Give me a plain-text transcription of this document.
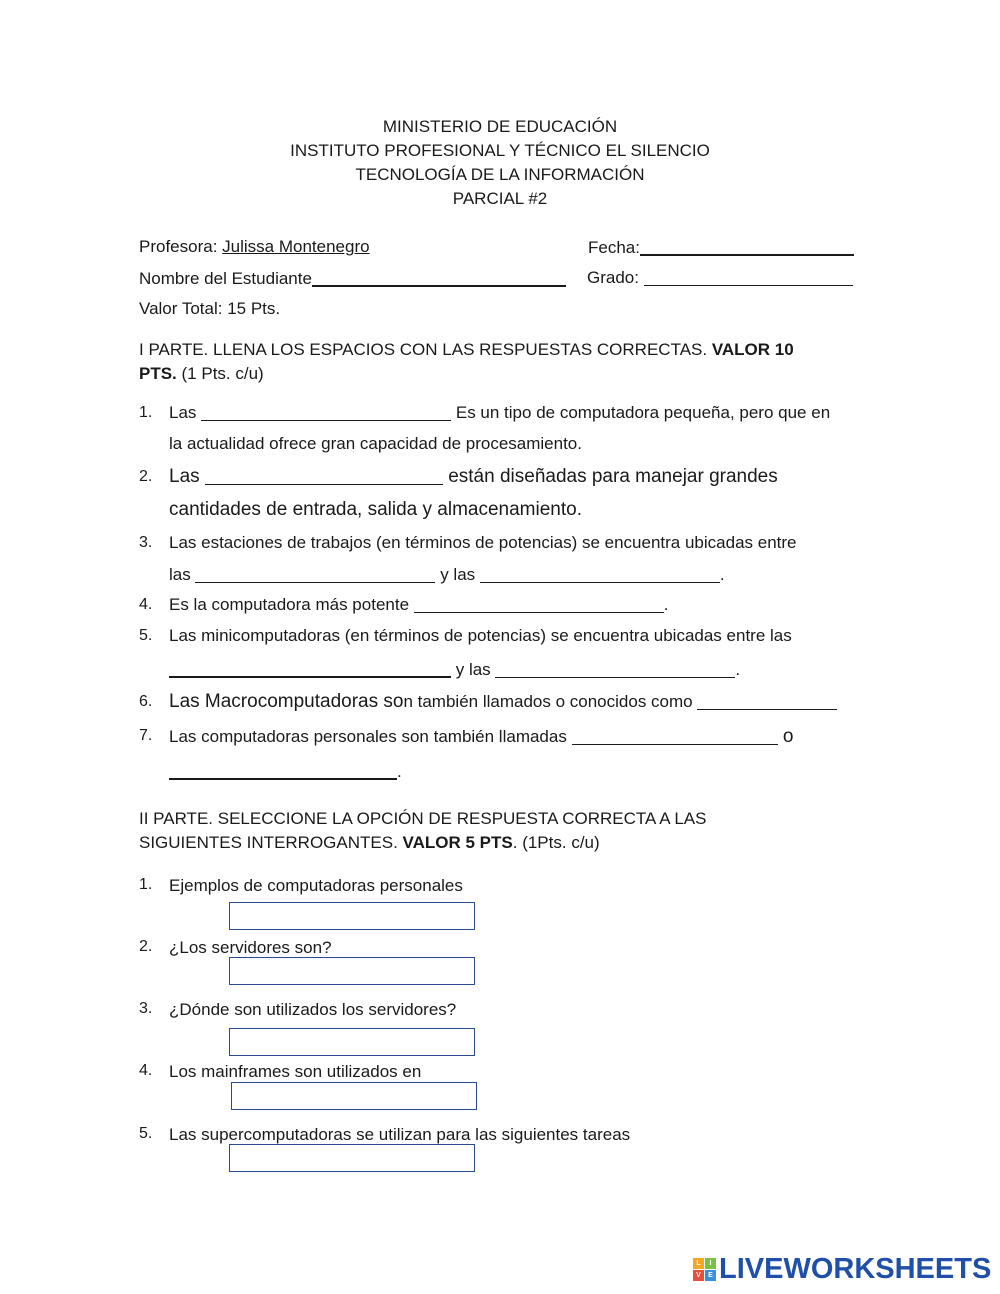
MINISTERIO DE EDUCACIÓN
INSTITUTO PROFESIONAL Y TÉCNICO EL SILENCIO
TECNOLOGÍA DE LA INFORMACIÓN
PARCIAL #2
Profesora: Julissa Montenegro	Fecha:
Nombre del Estudiante	Grado:
Valor Total: 15 Pts.
I PARTE. LLENA LOS ESPACIOS CON LAS RESPUESTAS CORRECTAS. VALOR 10
PTS. (1 Pts. c/u)
1. Las	Es un tipo de computadora pequeña, pero que en
la actualidad ofrece gran capacidad de procesamiento.
2. Las	están diseñadas para manejar grandes
cantidades de entrada, salida y almacenamiento.
3. Las estaciones de trabajos (en términos de potencias) se encuentra ubicadas entre
las	y las	.
4. Es la computadora más potente	.
5. Las minicomputadoras (en términos de potencias) se encuentra ubicadas entre las
y las	.
6. Las Macrocomputadoras son también llamados o conocidos como
7. Las computadoras personales son también llamadas	o
.
II PARTE. SELECCIONE LA OPCIÓN DE RESPUESTA CORRECTA A LAS
SIGUIENTES INTERROGANTES. VALOR 5 PTS. (1Pts. c/u)
1. Ejemplos de computadoras personales
2. ¿Los servidores son?
3. ¿Dónde son utilizados los servidores?
4. Los mainframes son utilizados en
5. Las supercomputadoras se utilizan para las siguientes tareas
L	I
V	E LIVEWORKSHEETS
